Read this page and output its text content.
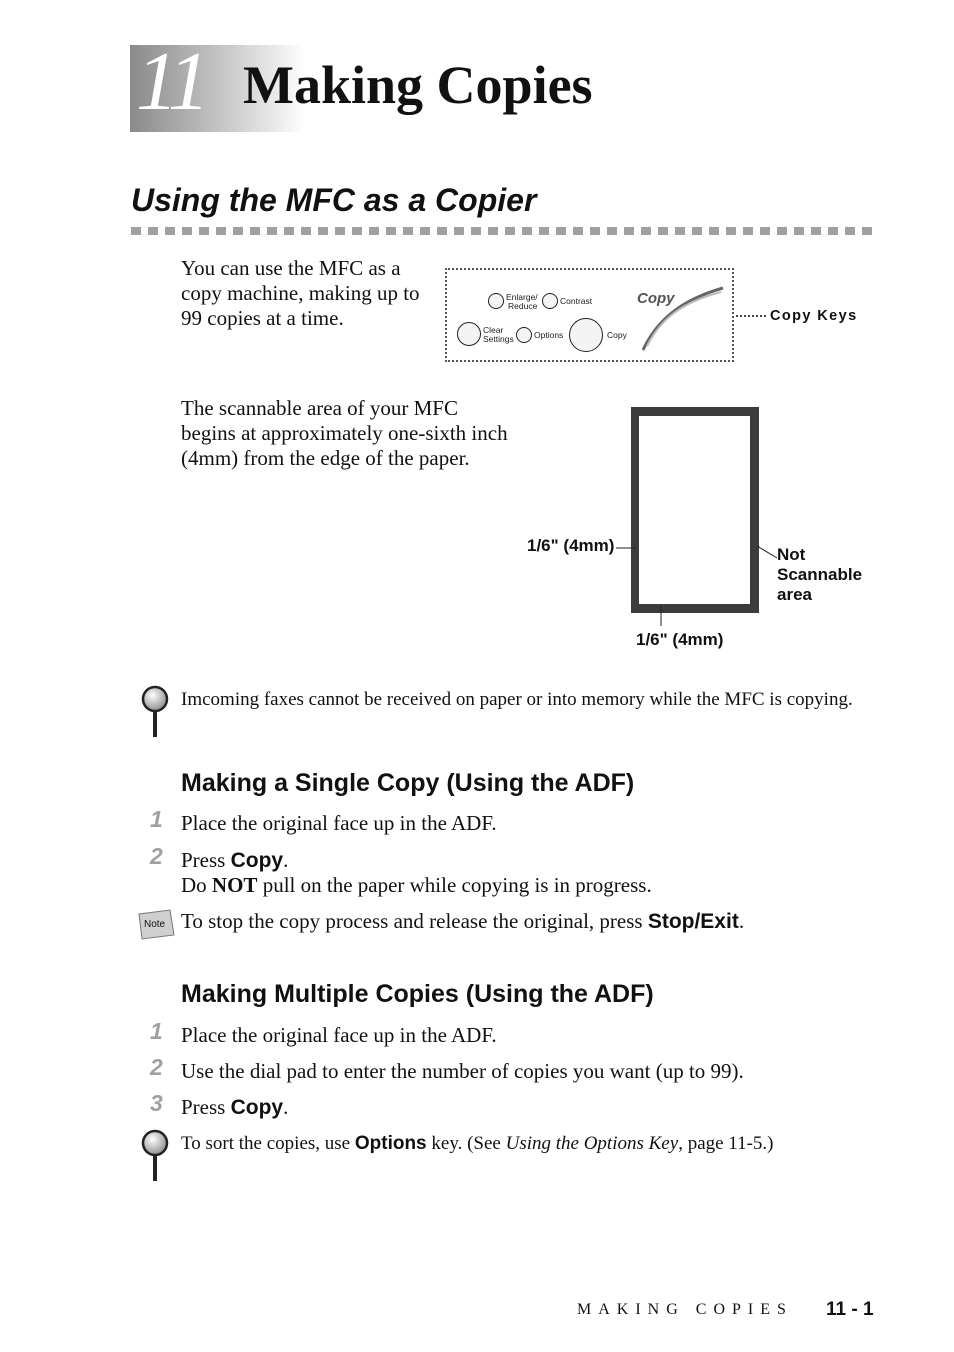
11 Making Copies
Using the MFC as a Copier
You can use the MFC as a copy machine, making up to 99 copies at a time.
Enlarge/
Reduce	Contrast
Clear
Settings Options	Copy
Copy
Copy Keys
The scannable area of your MFC begins at approximately one-sixth inch (4mm) from the edge of the paper.
1/6" (4mm)
1/6" (4mm)
Not
Scannable
area
Imcoming faxes cannot be received on paper or into memory while the MFC is copying.
Making a Single Copy (Using the ADF)
1 Place the original face up in the ADF.
2 Press Copy.
Do NOT pull on the paper while copying is in progress.
Note To stop the copy process and release the original, press Stop/Exit.
Making Multiple Copies (Using the ADF)
1 Place the original face up in the ADF.
2 Use the dial pad to enter the number of copies you want (up to 99).
3 Press Copy.
To sort the copies, use Options key. (See Using the Options Key, page 11-5.)
MAKING COPIES 11 - 1
